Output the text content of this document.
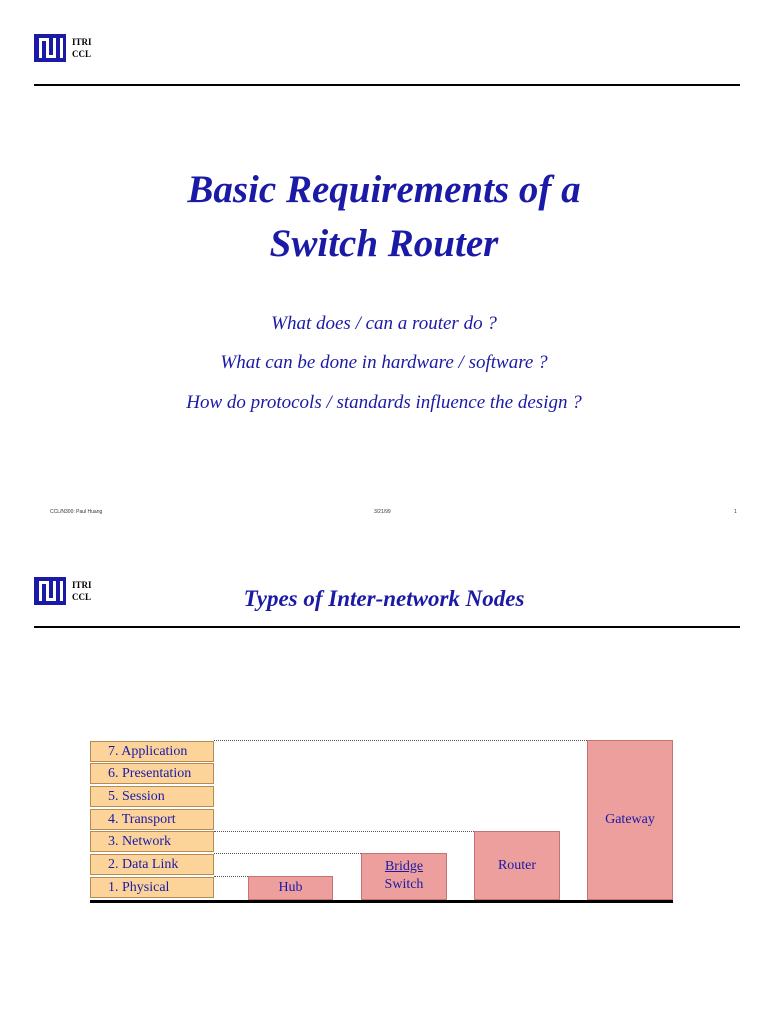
ITRI
CCL
Basic Requirements of a
Switch Router
What does / can a router do ?
What can be done in hardware / software ?
How do protocols / standards influence the design ?
CCL/N300: Paul Huang	3/21/99	1
ITRI
CCL	Types of Inter-network Nodes
7. Application
6. Presentation
5. Session
4. Transport
3. Network
2. Data Link
1. Physical	Hub
Bridge
Switch
Router
Gateway
